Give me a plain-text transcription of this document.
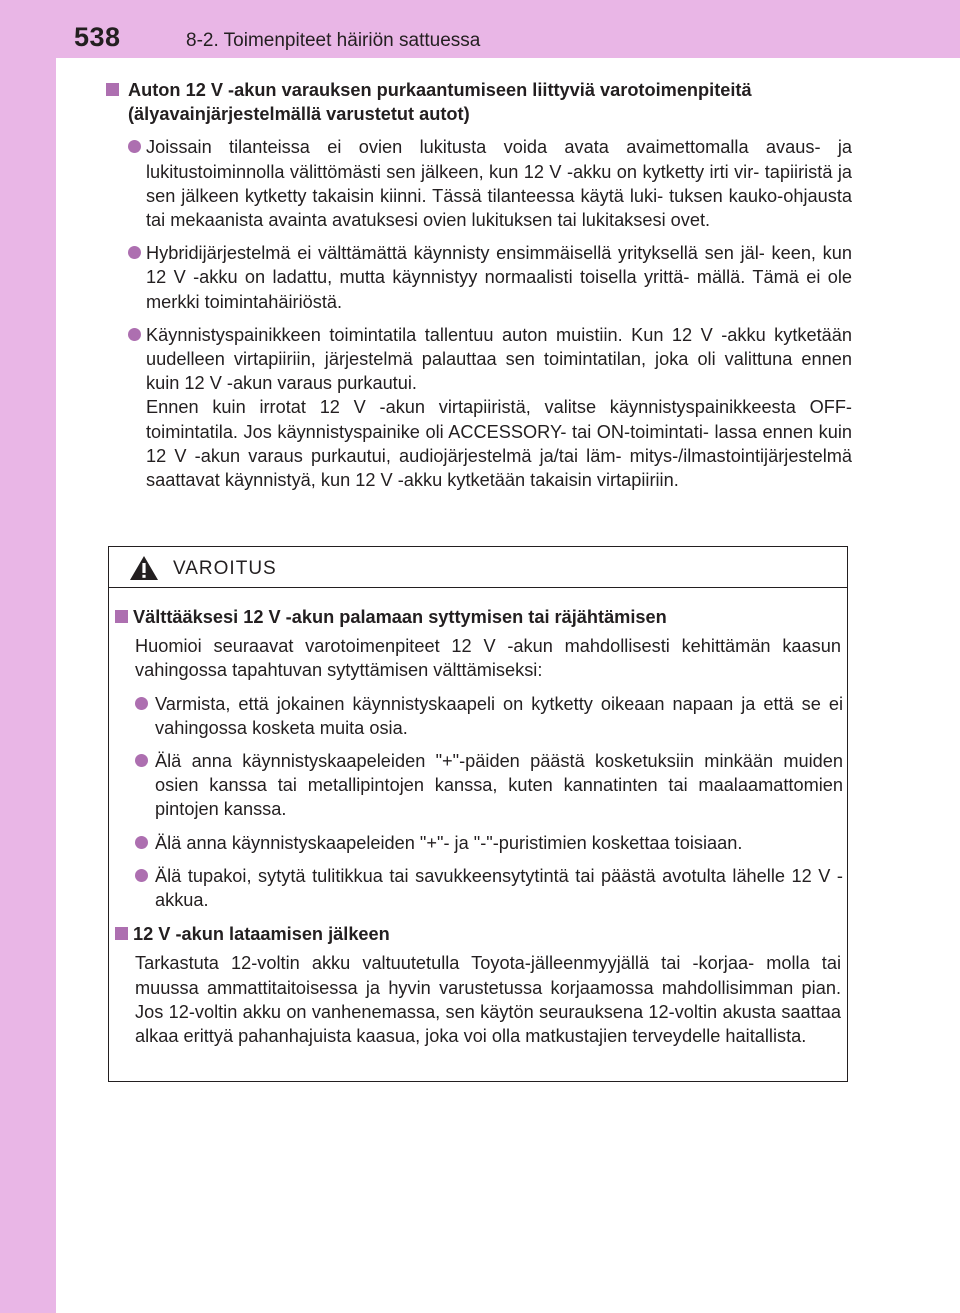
538	8-2. Toimenpiteet häiriön sattuessa
Auton 12 V -akun varauksen purkaantumiseen liittyviä varotoimenpiteitä (älyavainjärjestelmällä varustetut autot)
Joissain tilanteissa ei ovien lukitusta voida avata avaimettomalla avaus- ja lukitustoiminnolla välittömästi sen jälkeen, kun 12 V -akku on kytketty irti vir- tapiiristä ja sen jälkeen kytketty takaisin kiinni. Tässä tilanteessa käytä luki- tuksen kauko-ohjausta tai mekaanista avainta avatuksesi ovien lukituksen tai lukitaksesi ovet.
Hybridijärjestelmä ei välttämättä käynnisty ensimmäisellä yrityksellä sen jäl- keen, kun 12 V -akku on ladattu, mutta käynnistyy normaalisti toisella yrittä- mällä. Tämä ei ole merkki toimintahäiriöstä.
Käynnistyspainikkeen toimintatila tallentuu auton muistiin. Kun 12 V -akku kytketään uudelleen virtapiiriin, järjestelmä palauttaa sen toimintatilan, joka oli valittuna ennen kuin 12 V -akun varaus purkautui.
Ennen kuin irrotat 12 V -akun virtapiiristä, valitse käynnistyspainikkeesta OFF-toimintatila. Jos käynnistyspainike oli ACCESSORY- tai ON-toimintati- lassa ennen kuin 12 V -akun varaus purkautui, audiojärjestelmä ja/tai läm- mitys-/ilmastointijärjestelmä saattavat käynnistyä, kun 12 V -akku kytketään takaisin virtapiiriin.
VAROITUS
Välttääksesi 12 V -akun palamaan syttymisen tai räjähtämisen
Huomioi seuraavat varotoimenpiteet 12 V -akun mahdollisesti kehittämän kaasun vahingossa tapahtuvan sytyttämisen välttämiseksi:
Varmista, että jokainen käynnistyskaapeli on kytketty oikeaan napaan ja että se ei vahingossa kosketa muita osia.
Älä anna käynnistyskaapeleiden "+"-päiden päästä kosketuksiin minkään muiden osien kanssa tai metallipintojen kanssa, kuten kannatinten tai maalaamattomien pintojen kanssa.
Älä anna käynnistyskaapeleiden "+"- ja "-"-puristimien koskettaa toisiaan.
Älä tupakoi, sytytä tulitikkua tai savukkeensytytintä tai päästä avotulta lähelle 12 V -akkua.
12 V -akun lataamisen jälkeen
Tarkastuta 12-voltin akku valtuutetulla Toyota-jälleenmyyjällä tai -korjaa- molla tai muussa ammattitaitoisessa ja hyvin varustetussa korjaamossa mahdollisimman pian. Jos 12-voltin akku on vanhenemassa, sen käytön seurauksena 12-voltin akusta saattaa alkaa erittyä pahanhajuista kaasua, joka voi olla matkustajien terveydelle haitallista.
